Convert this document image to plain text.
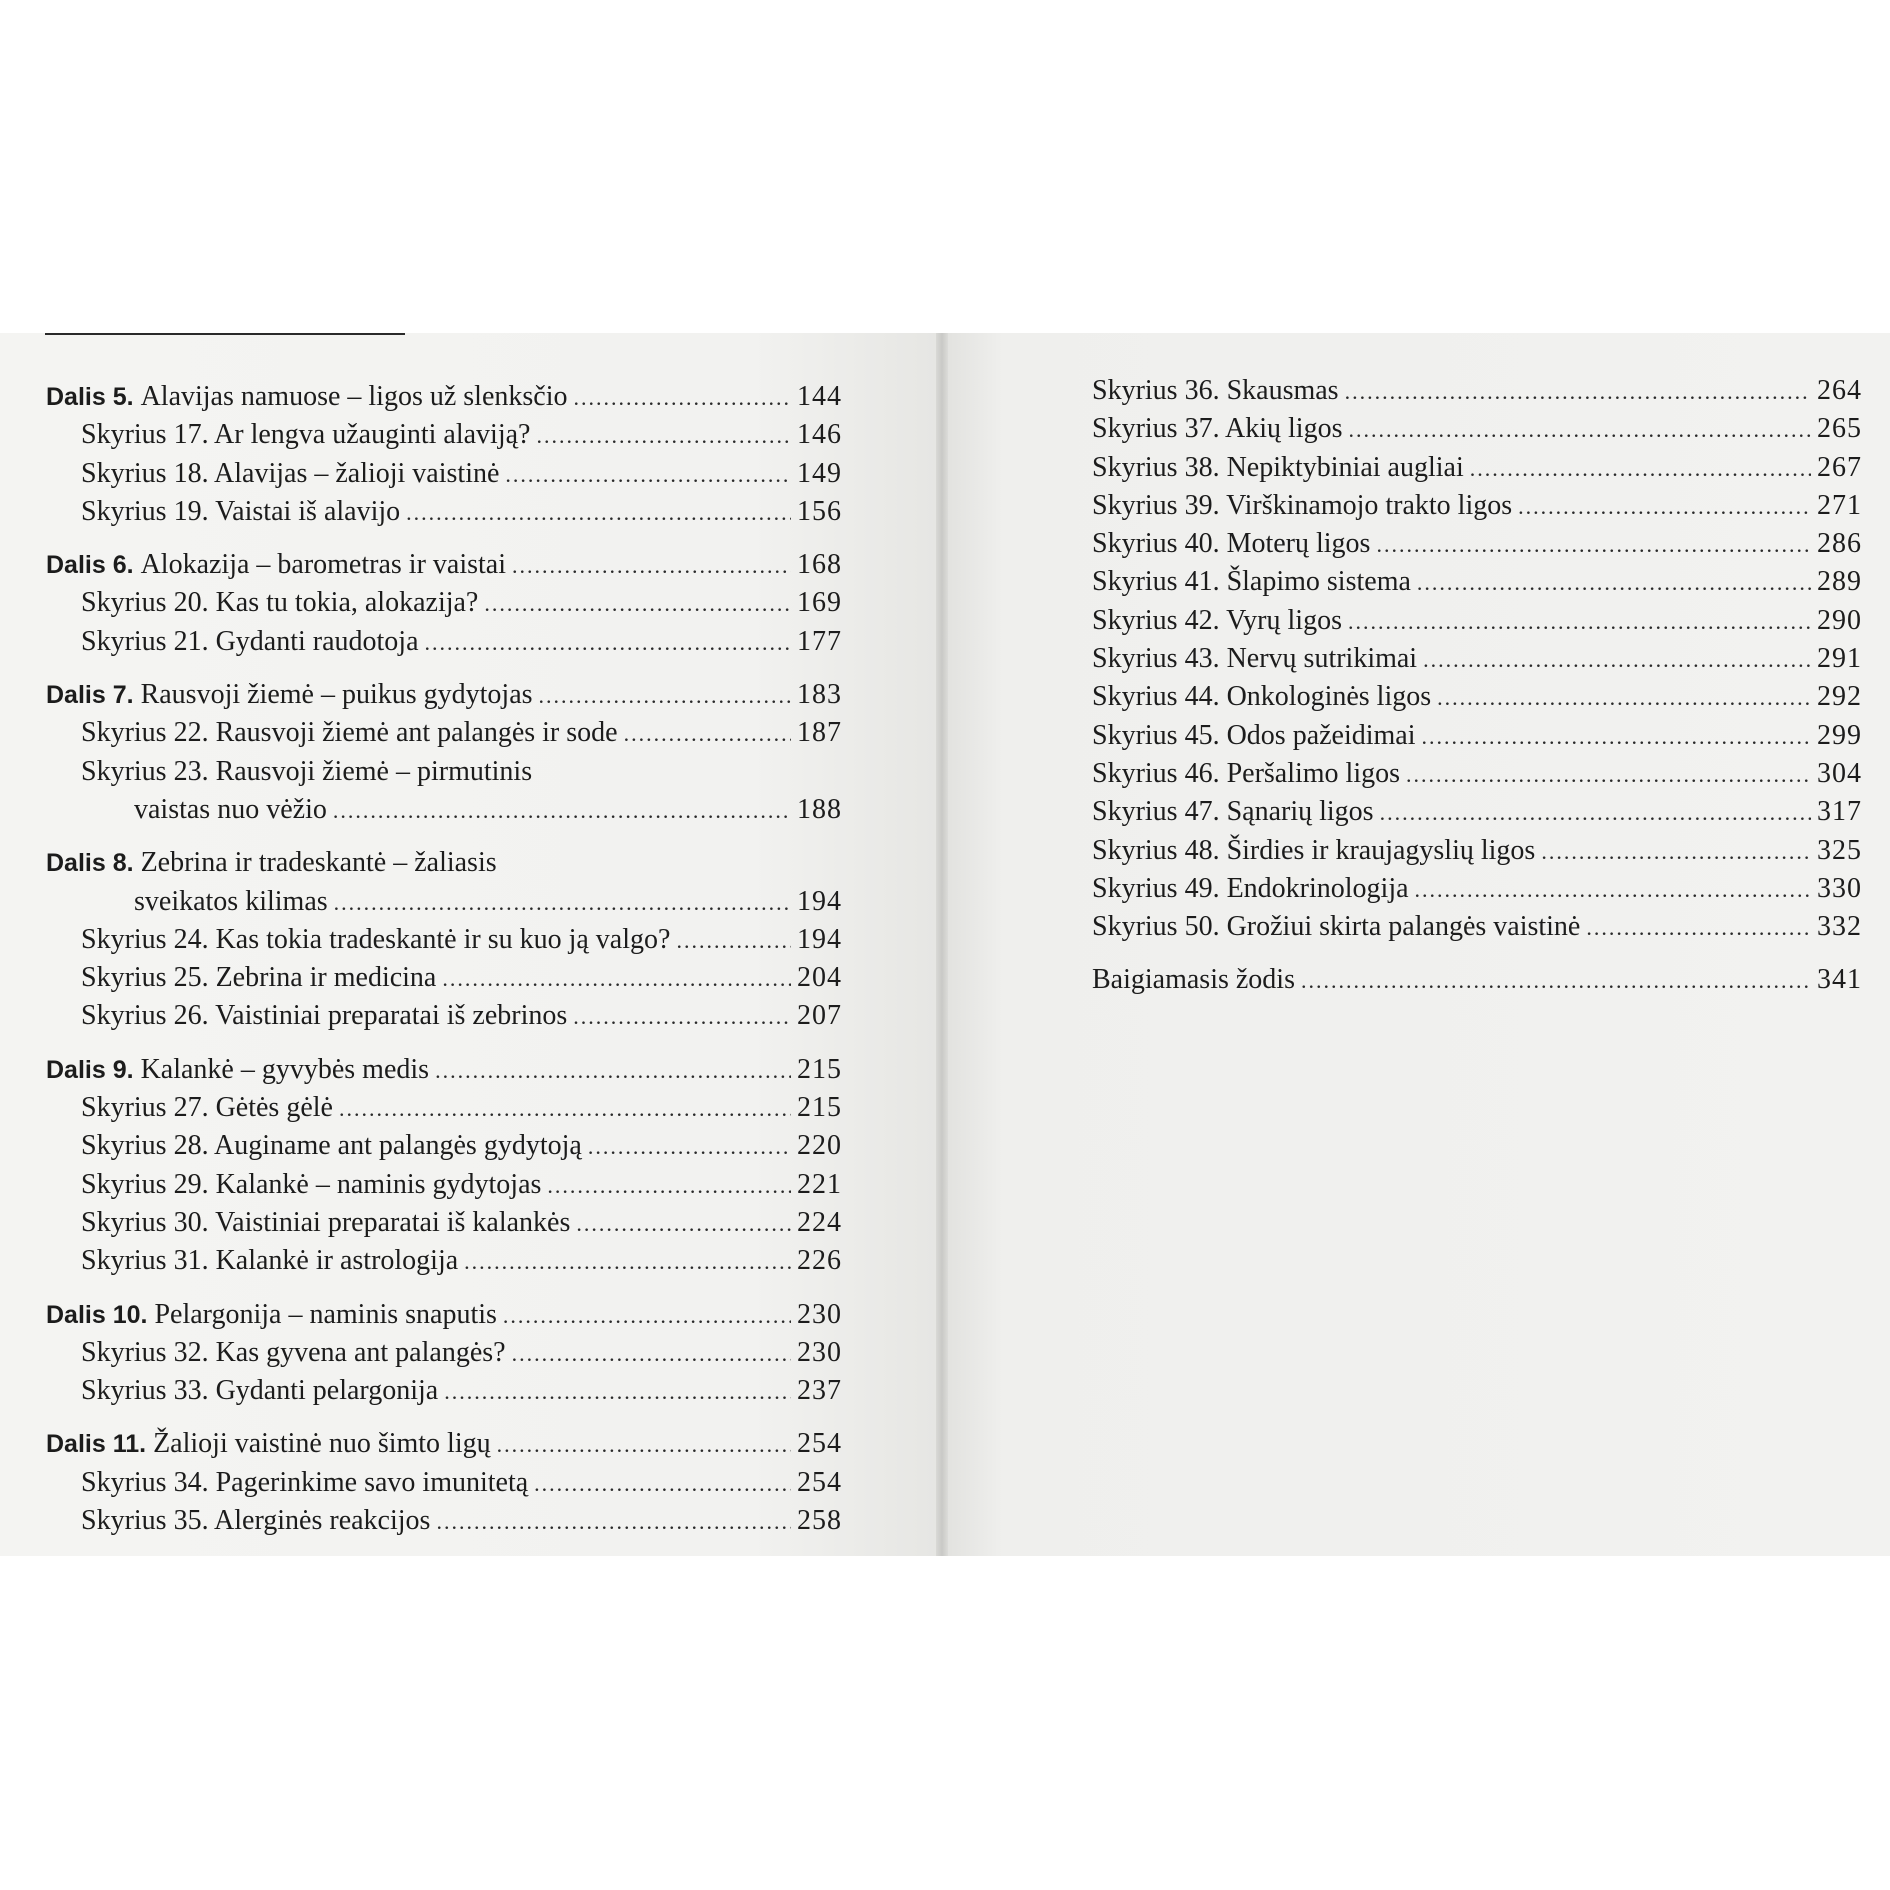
Dalis 5. Alavijas namuose – ligos už slenksčio .....	144
Skyrius 17. Ar lengva užauginti alaviją? .....	146
Skyrius 18. Alavijas – žalioji vaistinė .....	149
Skyrius 19. Vaistai iš alavijo .....	156
Dalis 6. Alokazija – barometras ir vaistai .....	168
Skyrius 20. Kas tu tokia, alokazija? .....	169
Skyrius 21. Gydanti raudotoja .....	177
Dalis 7. Rausvoji žiemė – puikus gydytojas .....	183
Skyrius 22. Rausvoji žiemė ant palangės ir sode .....	187
Skyrius 23. Rausvoji žiemė – pirmutinis
vaistas nuo vėžio .....	188
Dalis 8. Zebrina ir tradeskantė – žaliasis
sveikatos kilimas .....	194
Skyrius 24. Kas tokia tradeskantė ir su kuo ją valgo? .....	194
Skyrius 25. Zebrina ir medicina .....	204
Skyrius 26. Vaistiniai preparatai iš zebrinos .....	207
Dalis 9. Kalankė – gyvybės medis .....	215
Skyrius 27. Gėtės gėlė .....	215
Skyrius 28. Auginame ant palangės gydytoją .....	220
Skyrius 29. Kalankė – naminis gydytojas .....	221
Skyrius 30. Vaistiniai preparatai iš kalankės .....	224
Skyrius 31. Kalankė ir astrologija .....	226
Dalis 10. Pelargonija – naminis snaputis .....	230
Skyrius 32. Kas gyvena ant palangės? .....	230
Skyrius 33. Gydanti pelargonija .....	237
Dalis 11. Žalioji vaistinė nuo šimto ligų .....	254
Skyrius 34. Pagerinkime savo imunitetą .....	254
Skyrius 35. Alerginės reakcijos .....	258
Skyrius 36. Skausmas .....	264
Skyrius 37. Akių ligos .....	265
Skyrius 38. Nepiktybiniai augliai .....	267
Skyrius 39. Virškinamojo trakto ligos .....	271
Skyrius 40. Moterų ligos .....	286
Skyrius 41. Šlapimo sistema .....	289
Skyrius 42. Vyrų ligos .....	290
Skyrius 43. Nervų sutrikimai .....	291
Skyrius 44. Onkologinės ligos .....	292
Skyrius 45. Odos pažeidimai .....	299
Skyrius 46. Peršalimo ligos .....	304
Skyrius 47. Sąnarių ligos .....	317
Skyrius 48. Širdies ir kraujagyslių ligos .....	325
Skyrius 49. Endokrinologija .....	330
Skyrius 50. Grožiui skirta palangės vaistinė .....	332
Baigiamasis žodis .....	341
